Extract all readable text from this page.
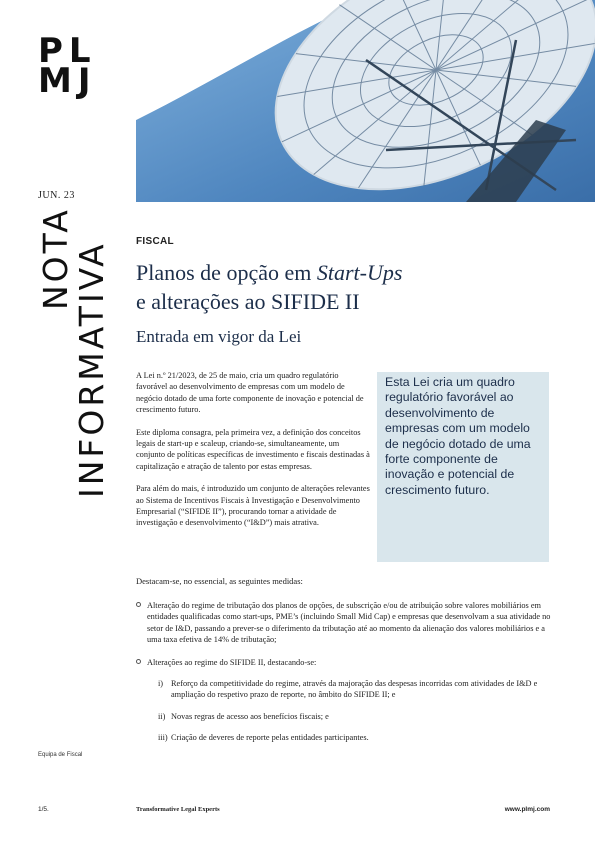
PL
MJ
JUN. 23
NOTA
INFORMATIVA	FISCAL
Planos de opção em Start-Ups
e alterações ao SIFIDE II
Entrada em vigor da Lei

A Lei n.º 21/2023, de 25 de maio, cria um quadro regulatório favorável ao desenvolvimento de empresas com um modelo de negócio dotado de uma forte componente de inovação e potencial de crescimento futuro.

Este diploma consagra, pela primeira vez, a definição dos conceitos legais de start-up e scaleup, criando-se, simultaneamente, um conjunto de políticas específicas de investimento e fiscais destinadas à capitalização e atração de talento por estas empresas.

Para além do mais, é introduzido um conjunto de alterações relevantes ao Sistema de Incentivos Fiscais à Investigação e Desenvolvimento Empresarial (“SIFIDE II”), procurando tornar a atividade de investigação e desenvolvimento (“I&D”) mais atrativa.

Esta Lei cria um quadro regulatório favorável ao desenvolvimento de empresas com um modelo de negócio dotado de uma forte componente de inovação e potencial de crescimento futuro.
Destacam-se, no essencial, as seguintes medidas:
Alteração do regime de tributação dos planos de opções, de subscrição e/ou de atribuição sobre valores mobiliários em entidades qualificadas como start-ups, PME’s (incluindo Small Mid Cap) e empresas que desenvolvam a sua atividade no setor de I&D, passando a prever-se o diferimento da tributação até ao momento da alienação dos valores mobiliários e a uma taxa efetiva de 14% de tributação;
Alterações ao regime do SIFIDE II, destacando-se:
i) Reforço da competitividade do regime, através da majoração das despesas incorridas com atividades de I&D e ampliação do respetivo prazo de reporte, no âmbito do SIFIDE II; e
ii) Novas regras de acesso aos benefícios fiscais; e
iii) Criação de deveres de reporte pelas entidades participantes.
Equipa de Fiscal
1/5.	Transformative Legal Experts	www.plmj.com
